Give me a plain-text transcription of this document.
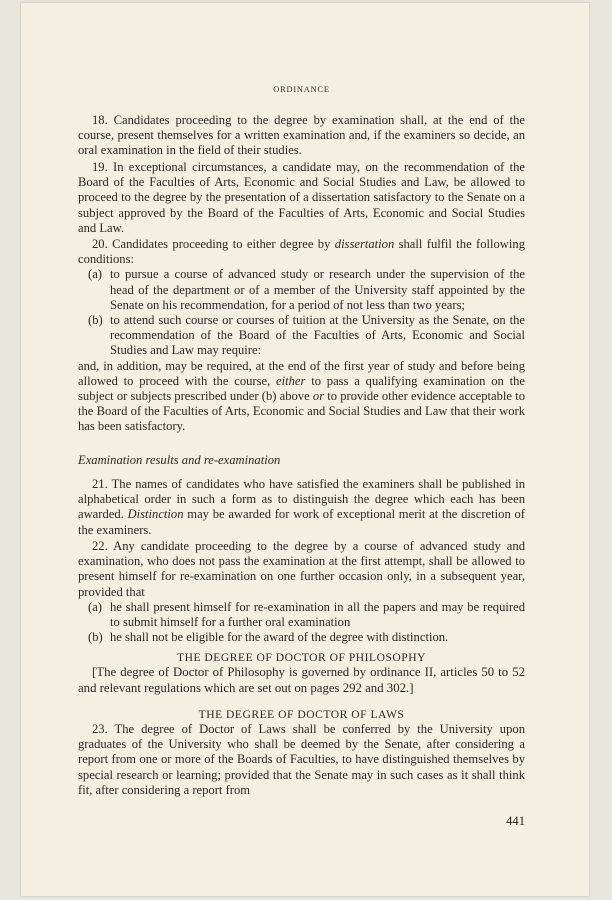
ORDINANCE

18. Candidates proceeding to the degree by examination shall, at the end of the course, present themselves for a written examination and, if the examiners so decide, an oral examination in the field of their studies.

19. In exceptional circumstances, a candidate may, on the recommendation of the Board of the Faculties of Arts, Economic and Social Studies and Law, be allowed to proceed to the degree by the presentation of a dissertation satisfactory to the Senate on a subject approved by the Board of the Faculties of Arts, Economic and Social Studies and Law.

20. Candidates proceeding to either degree by dissertation shall fulfil the following conditions:

(a) to pursue a course of advanced study or research under the supervision of the head of the department or of a member of the University staff appointed by the Senate on his recommendation, for a period of not less than two years;
(b) to attend such course or courses of tuition at the University as the Senate, on the recommendation of the Board of the Faculties of Arts, Economic and Social Studies and Law may require:

and, in addition, may be required, at the end of the first year of study and before being allowed to proceed with the course, either to pass a qualifying examination on the subject or subjects prescribed under (b) above or to provide other evidence acceptable to the Board of the Faculties of Arts, Economic and Social Studies and Law that their work has been satisfactory.

Examination results and re-examination

21. The names of candidates who have satisfied the examiners shall be published in alphabetical order in such a form as to distinguish the degree which each has been awarded. Distinction may be awarded for work of exceptional merit at the discretion of the examiners.

22. Any candidate proceeding to the degree by a course of advanced study and examination, who does not pass the examination at the first attempt, shall be allowed to present himself for re-examination on one further occasion only, in a subsequent year, provided that

(a) he shall present himself for re-examination in all the papers and may be required to submit himself for a further oral examination
(b) he shall not be eligible for the award of the degree with distinction.

THE DEGREE OF DOCTOR OF PHILOSOPHY

[The degree of Doctor of Philosophy is governed by ordinance II, articles 50 to 52 and relevant regulations which are set out on pages 292 and 302.]

THE DEGREE OF DOCTOR OF LAWS

23. The degree of Doctor of Laws shall be conferred by the University upon graduates of the University who shall be deemed by the Senate, after considering a report from one or more of the Boards of Faculties, to have distinguished themselves by special research or learning; provided that the Senate may in such cases as it shall think fit, after considering a report from

441
